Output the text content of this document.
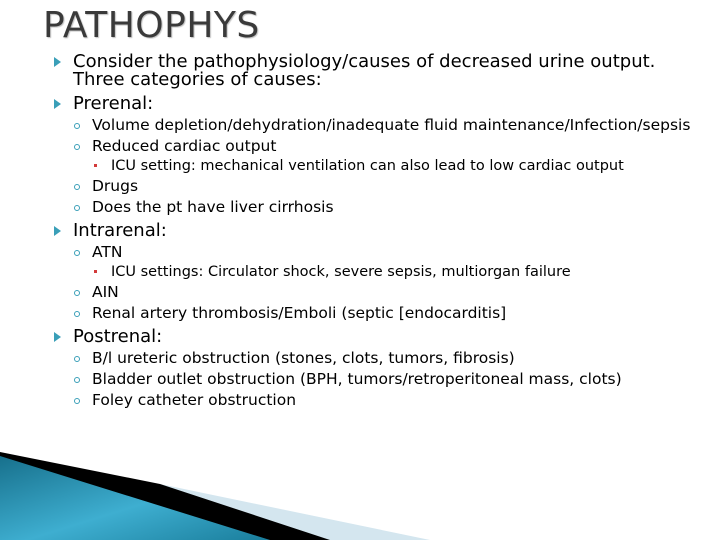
PATHOPHYS
Consider the pathophysiology/causes of decreased urine output. Three categories of causes:
Prerenal:
Volume depletion/dehydration/inadequate fluid maintenance/Infection/sepsis
Reduced cardiac output
ICU setting: mechanical ventilation can also lead to low cardiac output
Drugs
Does the pt have liver cirrhosis
Intrarenal:
ATN
ICU settings: Circulator shock, severe sepsis, multiorgan failure
AIN
Renal artery thrombosis/Emboli (septic [endocarditis]
Postrenal:
B/l ureteric obstruction (stones, clots, tumors, fibrosis)
Bladder outlet obstruction (BPH, tumors/retroperitoneal mass, clots)
Foley catheter obstruction
